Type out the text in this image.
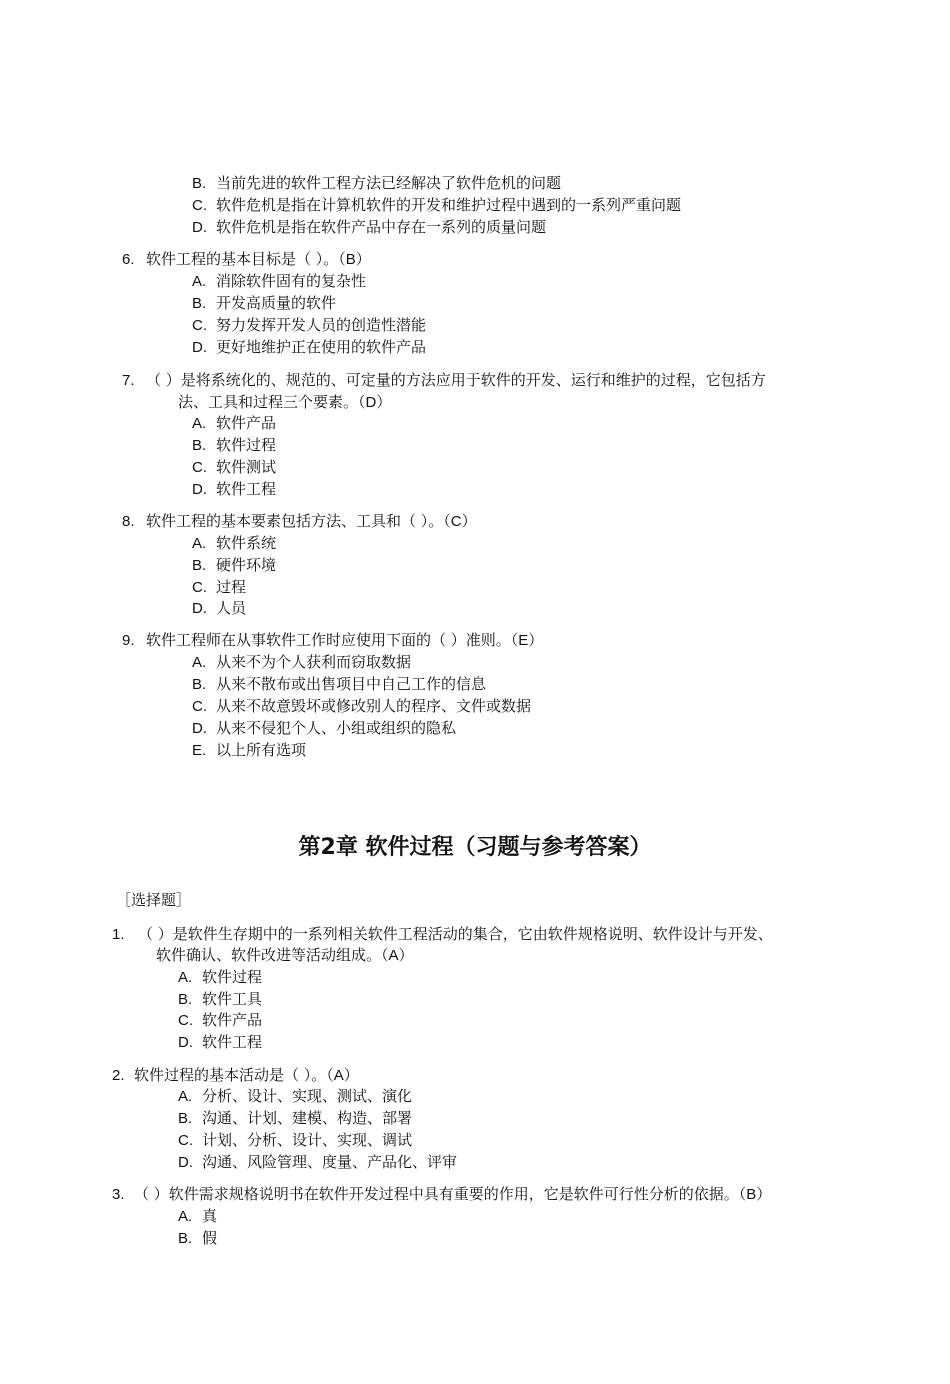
B. 当前先进的软件工程方法已经解决了软件危机的问题
C. 软件危机是指在计算机软件的开发和维护过程中遇到的一系列严重问题
D. 软件危机是指在软件产品中存在一系列的质量问题
6. 软件工程的基本目标是（ ）。（B）
A. 消除软件固有的复杂性
B. 开发高质量的软件
C. 努力发挥开发人员的创造性潜能
D. 更好地维护正在使用的软件产品
7. （ ）是将系统化的、规范的、可定量的方法应用于软件的开发、运行和维护的过程，它包括方
法、工具和过程三个要素。（D）
A. 软件产品
B. 软件过程
C. 软件测试
D. 软件工程
8. 软件工程的基本要素包括方法、工具和（ ）。（C）
A. 软件系统
B. 硬件环境
C. 过程
D. 人员
9. 软件工程师在从事软件工作时应使用下面的（ ）准则。（E）
A. 从来不为个人获利而窃取数据
B. 从来不散布或出售项目中自己工作的信息
C. 从来不故意毁坏或修改别人的程序、文件或数据
D. 从来不侵犯个人、小组或组织的隐私
E. 以上所有选项
第2章 软件过程（习题与参考答案）
［选择题］
1. （ ）是软件生存期中的一系列相关软件工程活动的集合，它由软件规格说明、软件设计与开发、
软件确认、软件改进等活动组成。（A）
A. 软件过程
B. 软件工具
C. 软件产品
D. 软件工程
2. 软件过程的基本活动是（ ）。（A）
A. 分析、设计、实现、测试、演化
B. 沟通、计划、建模、构造、部署
C. 计划、分析、设计、实现、调试
D. 沟通、风险管理、度量、产品化、评审
3. （ ）软件需求规格说明书在软件开发过程中具有重要的作用，它是软件可行性分析的依据。（B）
A. 真
B. 假
